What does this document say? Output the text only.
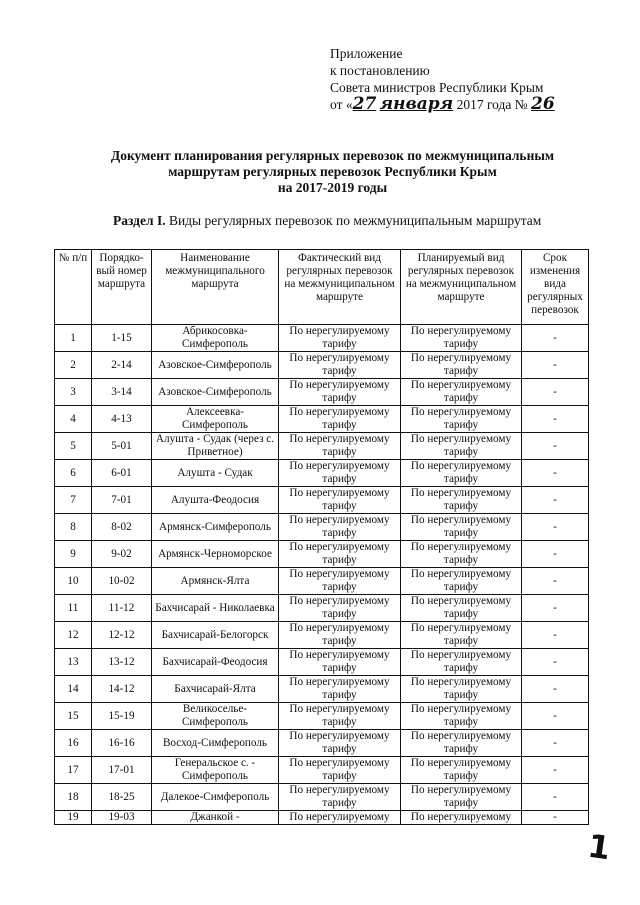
Приложение
к постановлению
Совета министров Республики Крым
от «27 января 2017 года № 26
Документ планирования регулярных перевозок по межмуниципальным
маршрутам регулярных перевозок Республики Крым
на 2017-2019 годы
Раздел I. Виды регулярных перевозок по межмуниципальным маршрутам
№ п/п	Порядко-вый номер маршрута	Наименование межмуниципального маршрута	Фактический вид регулярных перевозок на межмуниципальном маршруте	Планируемый вид регулярных перевозок на межмуниципальном маршруте	Срок изменения вида регулярных перевозок
1	1-15	Абрикосовка-Симферополь	По нерегулируемому тарифу	По нерегулируемому тарифу	-
2	2-14	Азовское-Симферополь	По нерегулируемому тарифу	По нерегулируемому тарифу	-
3	3-14	Азовское-Симферополь	По нерегулируемому тарифу	По нерегулируемому тарифу	-
4	4-13	Алексеевка-Симферополь	По нерегулируемому тарифу	По нерегулируемому тарифу	-
5	5-01	Алушта - Судак (через с. Приветное)	По нерегулируемому тарифу	По нерегулируемому тарифу	-
6	6-01	Алушта - Судак	По нерегулируемому тарифу	По нерегулируемому тарифу	-
7	7-01	Алушта-Феодосия	По нерегулируемому тарифу	По нерегулируемому тарифу	-
8	8-02	Армянск-Симферополь	По нерегулируемому тарифу	По нерегулируемому тарифу	-
9	9-02	Армянск-Черноморское	По нерегулируемому тарифу	По нерегулируемому тарифу	-
10	10-02	Армянск-Ялта	По нерегулируемому тарифу	По нерегулируемому тарифу	-
11	11-12	Бахчисарай - Николаевка	По нерегулируемому тарифу	По нерегулируемому тарифу	-
12	12-12	Бахчисарай-Белогорск	По нерегулируемому тарифу	По нерегулируемому тарифу	-
13	13-12	Бахчисарай-Феодосия	По нерегулируемому тарифу	По нерегулируемому тарифу	-
14	14-12	Бахчисарай-Ялта	По нерегулируемому тарифу	По нерегулируемому тарифу	-
15	15-19	Великоселье-Симферополь	По нерегулируемому тарифу	По нерегулируемому тарифу	-
16	16-16	Восход-Симферополь	По нерегулируемому тарифу	По нерегулируемому тарифу	-
17	17-01	Генеральское с. - Симферополь	По нерегулируемому тарифу	По нерегулируемому тарифу	-
18	18-25	Далекое-Симферополь	По нерегулируемому тарифу	По нерегулируемому тарифу	-
19	19-03	Джанкой -	По нерегулируемому	По нерегулируемому	-
1
